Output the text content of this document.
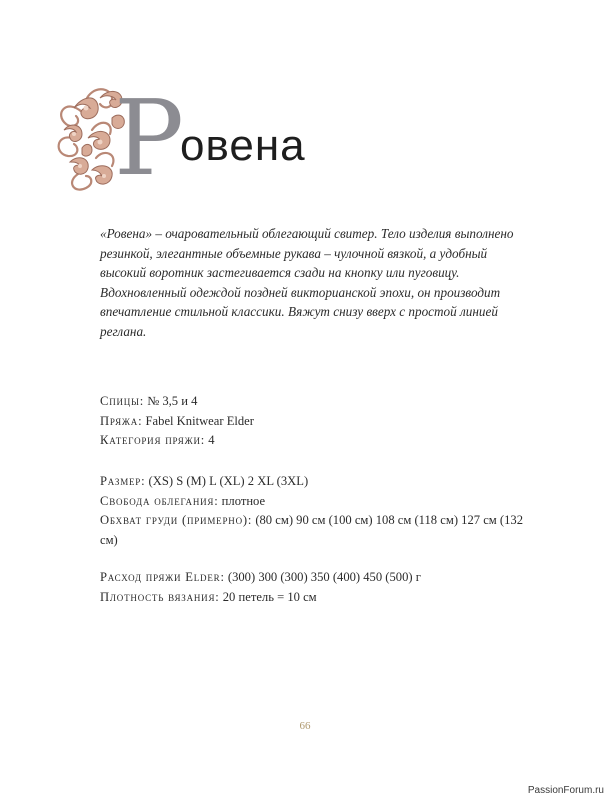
Р
овена

«Ровена» – очаровательный облегающий свитер. Тело изделия выполнено резинкой, элегантные объемные рукава – чулочной вязкой, а удобный высокий воротник застегивается сзади на кнопку или пуговицу. Вдохновленный одеждой поздней викторианской эпохи, он производит впечатление стильной классики. Вяжут снизу вверх с простой линией реглана.

Спицы: № 3,5 и 4

Пряжа: Fabel Knitwear Elder

Категория пряжи: 4

Размер: (XS) S (M) L (XL) 2 XL (3XL)

Свобода облегания: плотное

Обхват груди (примерно): (80 см) 90 см (100 см) 108 см (118 см) 127 см (132 см)

Расход пряжи Elder: (300) 300 (300) 350 (400) 450 (500) г

Плотность вязания: 20 петель = 10 см

66
PassionForum.ru
